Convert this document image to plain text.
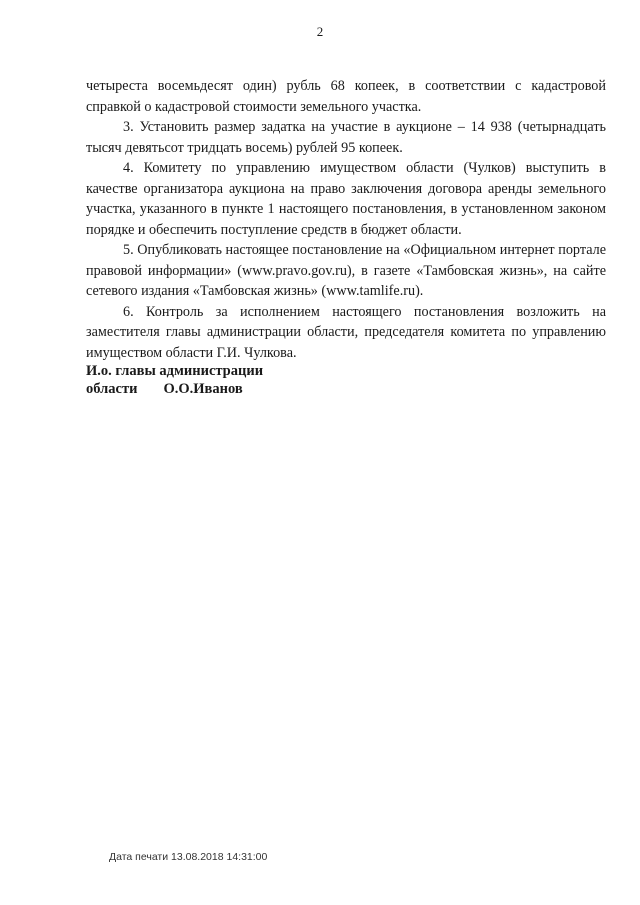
2

четыреста восемьдесят один) рубль 68 копеек, в соответствии с кадастровой справкой о кадастровой стоимости земельного участка.

3. Установить размер задатка на участие в аукционе – 14 938 (четырнадцать тысяч девятьсот тридцать восемь) рублей 95 копеек.

4. Комитету по управлению имуществом области (Чулков) выступить в качестве организатора аукциона на право заключения договора аренды земельного участка, указанного в пункте 1 настоящего постановления, в установленном законом порядке и обеспечить поступление средств в бюджет области.

5. Опубликовать настоящее постановление на «Официальном интернет портале правовой информации» (www.pravo.gov.ru), в газете «Тамбовская жизнь», на сайте сетевого издания «Тамбовская жизнь» (www.tamlife.ru).

6. Контроль за исполнением настоящего постановления возложить на заместителя главы администрации области, председателя комитета по управлению имуществом области Г.И. Чулкова.

И.о. главы администрации
области О.О.Иванов
Дата печати 13.08.2018 14:31:00
